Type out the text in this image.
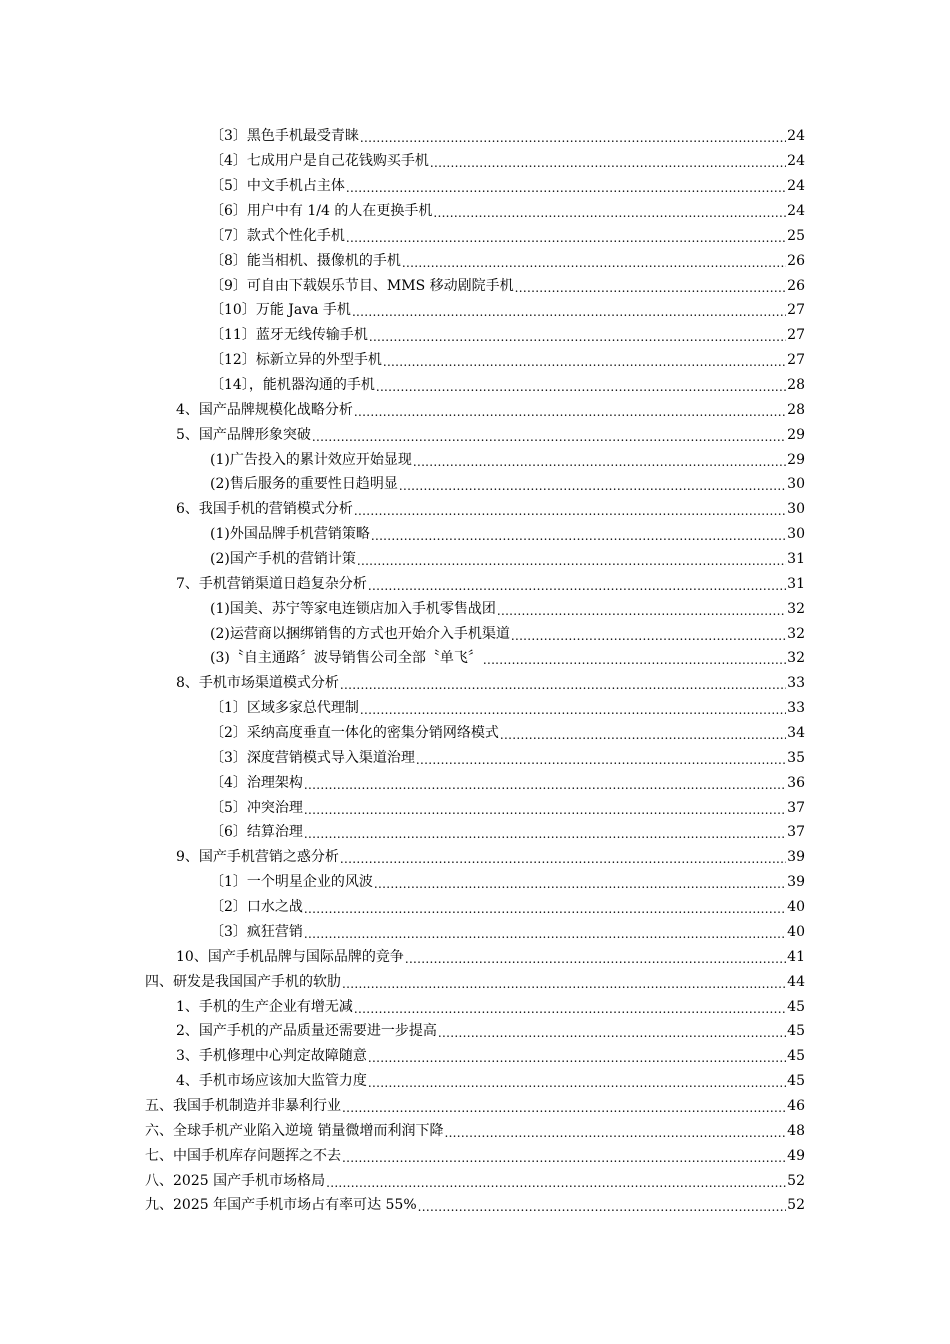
〔3〕黑色手机最受青睐 .....	24
〔4〕七成用户是自己花钱购买手机 .....	24
〔5〕中文手机占主体 .....	24
〔6〕用户中有 1/4 的人在更换手机 .....	24
〔7〕款式个性化手机 .....	25
〔8〕能当相机、摄像机的手机 .....	26
〔9〕可自由下载娱乐节目、MMS 移动剧院手机 .....	26
〔10〕万能 Java 手机 .....	27
〔11〕蓝牙无线传输手机 .....	27
〔12〕标新立异的外型手机 .....	27
〔14〕，能机器沟通的手机 .....	28
4、国产品牌规模化战略分析 .....	28
5、国产品牌形象突破 .....	29
(1)广告投入的累计效应开始显现 .....	29
(2)售后服务的重要性日趋明显 .....	30
6、我国手机的营销模式分析 .....	30
(1)外国品牌手机营销策略 .....	30
(2)国产手机的营销计策 .....	31
7、手机营销渠道日趋复杂分析 .....	31
(1)国美、苏宁等家电连锁店加入手机零售战团 .....	32
(2)运营商以捆绑销售的方式也开始介入手机渠道 .....	32
(3)〝自主通路〞波导销售公司全部〝单飞〞 .....	32
8、手机市场渠道模式分析 .....	33
〔1〕区域多家总代理制 .....	33
〔2〕采纳高度垂直一体化的密集分销网络模式 .....	34
〔3〕深度营销模式导入渠道治理 .....	35
〔4〕治理架构 .....	36
〔5〕冲突治理 .....	37
〔6〕结算治理 .....	37
9、国产手机营销之惑分析 .....	39
〔1〕一个明星企业的风波 .....	39
〔2〕口水之战 .....	40
〔3〕疯狂营销 .....	40
10、国产手机品牌与国际品牌的竞争 .....	41
四、研发是我国国产手机的软肋 .....	44
1、手机的生产企业有增无减 .....	45
2、国产手机的产品质量还需要进一步提高 .....	45
3、手机修理中心判定故障随意 .....	45
4、手机市场应该加大监管力度 .....	45
五、我国手机制造并非暴利行业 .....	46
六、全球手机产业陷入逆境 销量微增而利润下降 .....	48
七、中国手机库存问题挥之不去 .....	49
八、2025 国产手机市场格局 .....	52
九、2025 年国产手机市场占有率可达 55% .....	52
